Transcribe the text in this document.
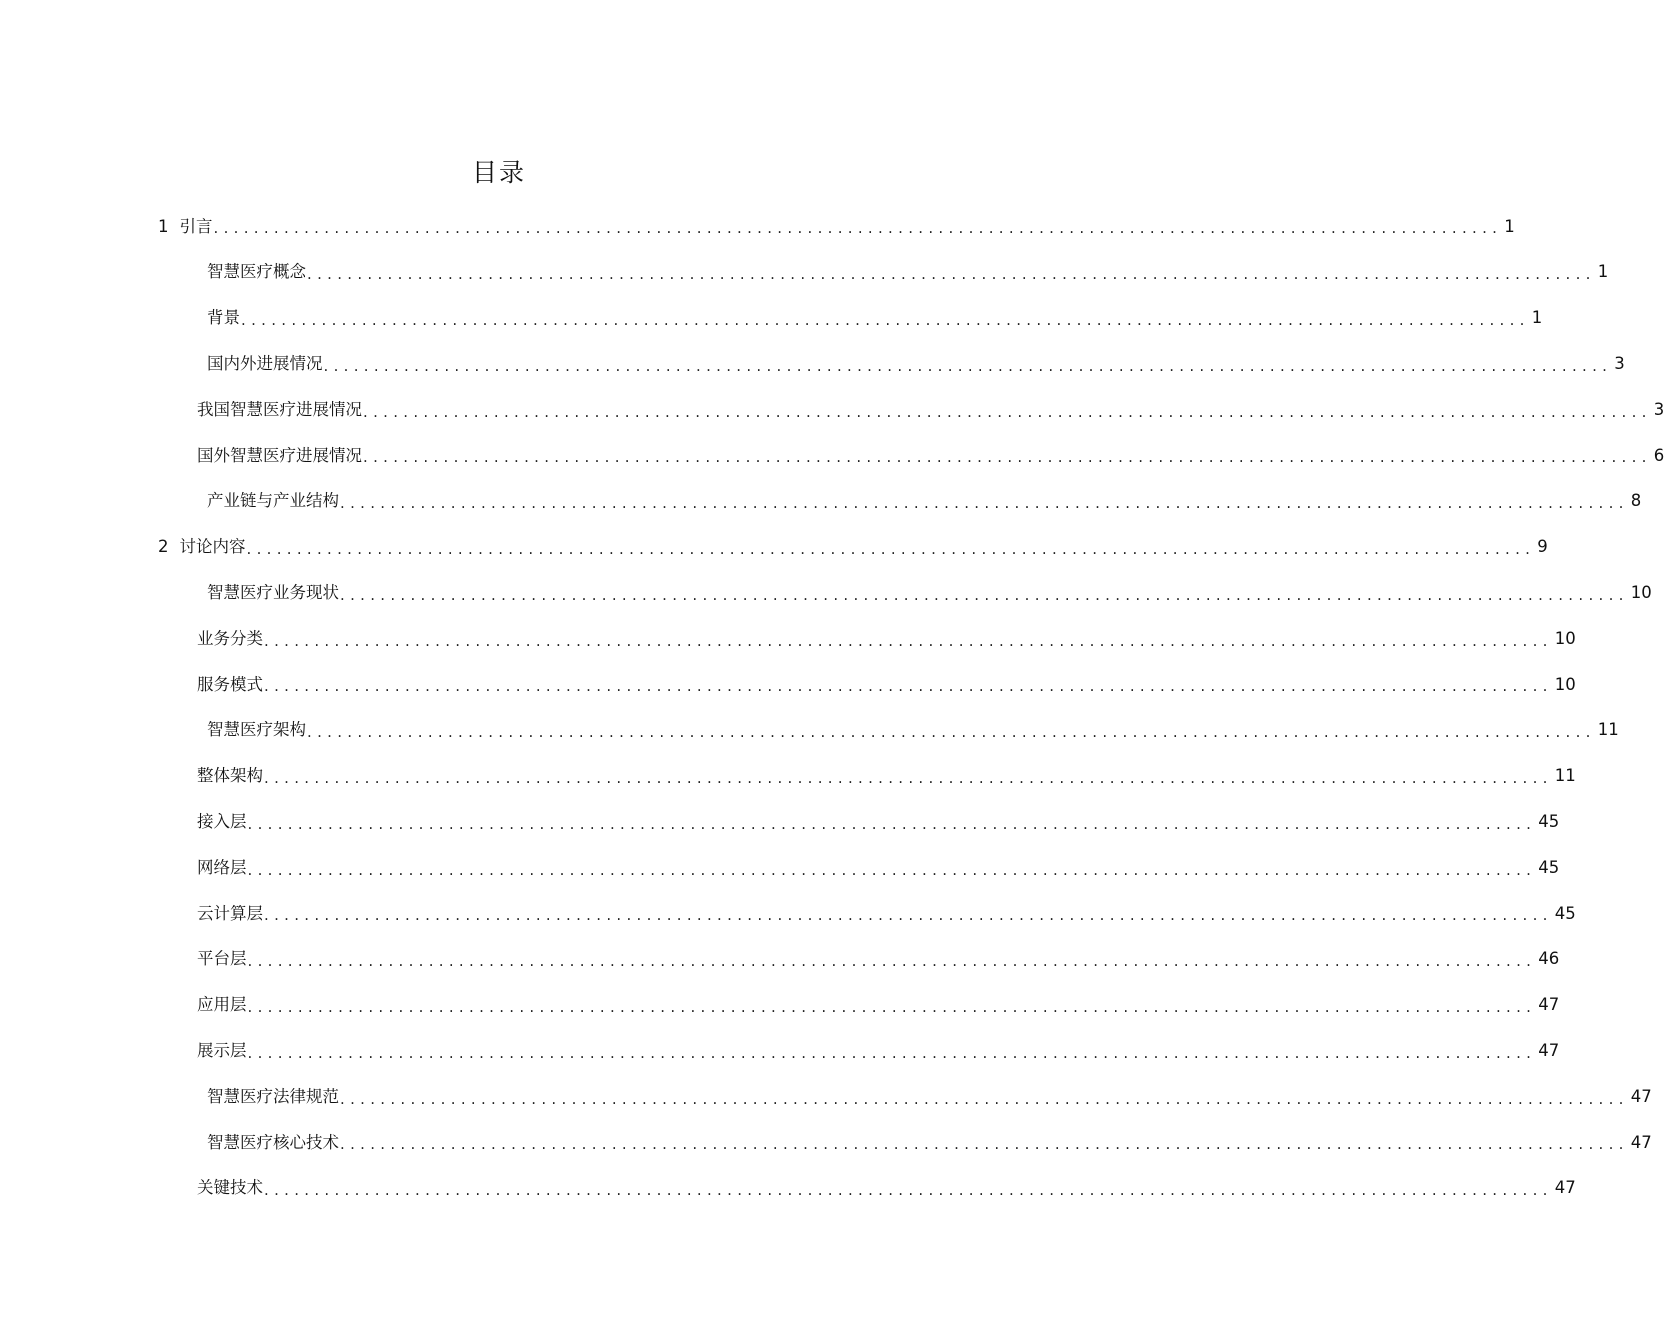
目录
1 引言 ................................................................................................................................ 1
智慧医疗概念 ................................................................................................................................ 1
背景 ................................................................................................................................ 1
国内外进展情况 ................................................................................................................................ 3
我国智慧医疗进展情况 ................................................................................................................................ 3
国外智慧医疗进展情况 ................................................................................................................................ 6
产业链与产业结构 ................................................................................................................................ 8
2 讨论内容 ................................................................................................................................ 9
智慧医疗业务现状 ................................................................................................................................ 10
业务分类 ................................................................................................................................ 10
服务模式 ................................................................................................................................ 10
智慧医疗架构 ................................................................................................................................ 11
整体架构 ................................................................................................................................ 11
接入层 ................................................................................................................................ 45
网络层 ................................................................................................................................ 45
云计算层 ................................................................................................................................ 45
平台层 ................................................................................................................................ 46
应用层 ................................................................................................................................ 47
展示层 ................................................................................................................................ 47
智慧医疗法律规范 ................................................................................................................................ 47
智慧医疗核心技术 ................................................................................................................................ 47
关键技术 ................................................................................................................................ 47
